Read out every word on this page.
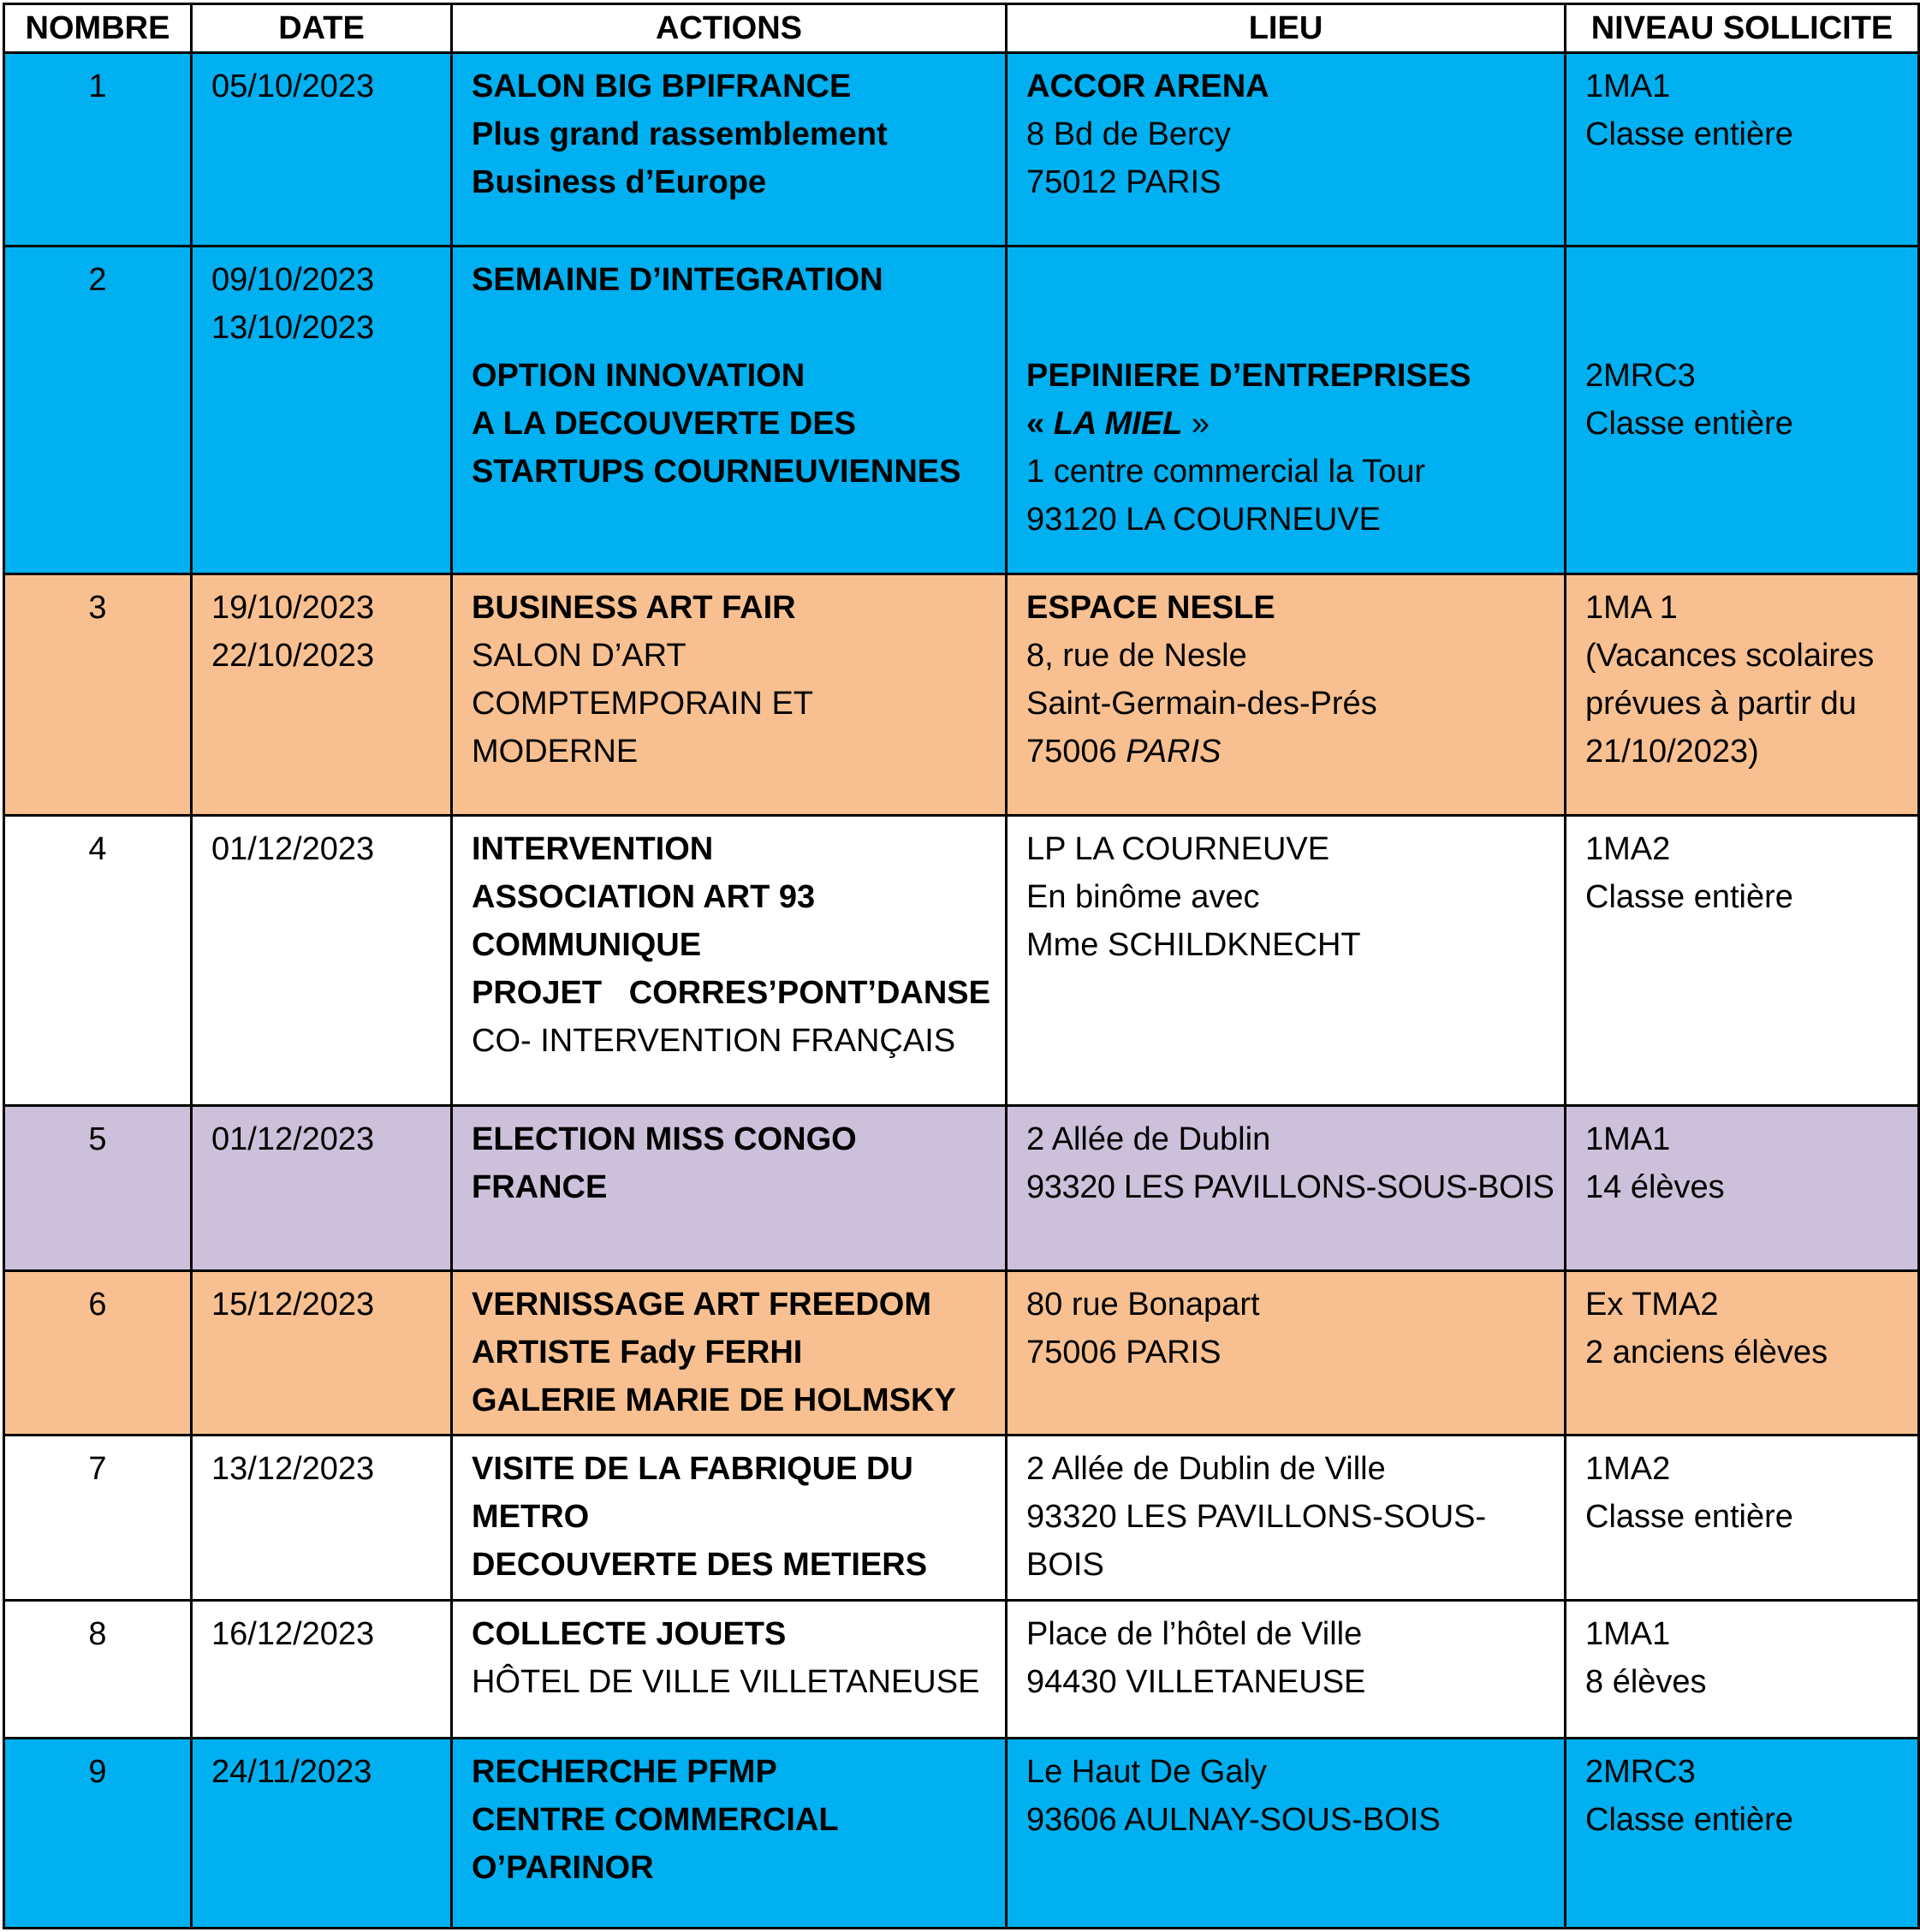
NOMBRE	DATE	ACTIONS	LIEU	NIVEAU SOLLICITE

1	05/10/2023	SALON BIG BPIFRANCE
Plus grand rassemblement
Business d’Europe	ACCOR ARENA
8 Bd de Bercy
75012 PARIS	1MA1
Classe entière

2	09/10/2023
13/10/2023	SEMAINE D’INTEGRATION
OPTION INNOVATION
A LA DECOUVERTE DES
STARTUPS COURNEUVIENNES	PEPINIERE D’ENTREPRISES
« LA MIEL »
1 centre commercial la Tour
93120 LA COURNEUVE	2MRC3
Classe entière

3	19/10/2023
22/10/2023	BUSINESS ART FAIR
SALON D’ART
COMPTEMPORAIN ET
MODERNE	ESPACE NESLE
8, rue de Nesle
Saint-Germain-des-Prés
75006 PARIS	1MA 1
(Vacances scolaires
prévues à partir du
21/10/2023)

4	01/12/2023	INTERVENTION
ASSOCIATION ART 93
COMMUNIQUE
PROJET   CORRES’PONT’DANSE
CO- INTERVENTION FRANÇAIS	LP LA COURNEUVE
En binôme avec
Mme SCHILDKNECHT	1MA2
Classe entière

5	01/12/2023	ELECTION MISS CONGO
FRANCE	2 Allée de Dublin
93320 LES PAVILLONS-SOUS-BOIS	1MA1
14 élèves

6	15/12/2023	VERNISSAGE ART FREEDOM
ARTISTE Fady FERHI
GALERIE MARIE DE HOLMSKY	80 rue Bonapart
75006 PARIS	Ex TMA2
2 anciens élèves

7	13/12/2023	VISITE DE LA FABRIQUE DU
METRO
DECOUVERTE DES METIERS	2 Allée de Dublin de Ville
93320 LES PAVILLONS-SOUS-
BOIS	1MA2
Classe entière

8	16/12/2023	COLLECTE JOUETS
HÔTEL DE VILLE VILLETANEUSE	Place de l’hôtel de Ville
94430 VILLETANEUSE	1MA1
8 élèves

9	24/11/2023	RECHERCHE PFMP
CENTRE COMMERCIAL
O’PARINOR	Le Haut De Galy
93606 AULNAY-SOUS-BOIS	2MRC3
Classe entière
